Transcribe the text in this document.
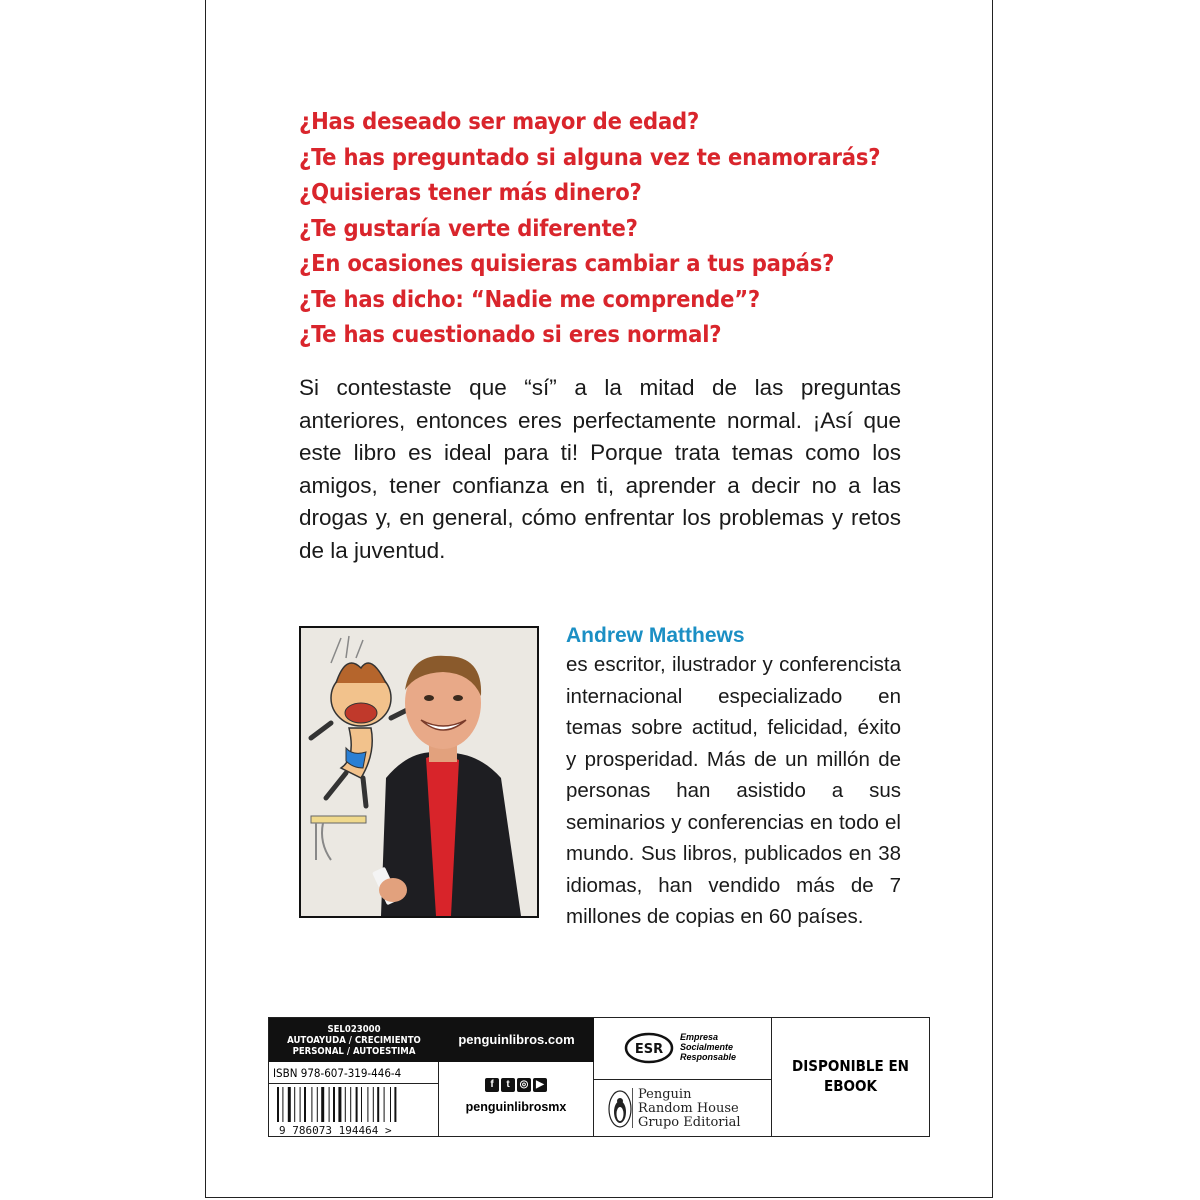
¿Has deseado ser mayor de edad?
¿Te has preguntado si alguna vez te enamorarás?
¿Quisieras tener más dinero?
¿Te gustaría verte diferente?
¿En ocasiones quisieras cambiar a tus papás?
¿Te has dicho: “Nadie me comprende”?
¿Te has cuestionado si eres normal?

Si contestaste que “sí” a la mitad de las preguntas anteriores, entonces eres perfectamente normal. ¡Así que este libro es ideal para ti! Porque trata temas como los amigos, tener confianza en ti, aprender a decir no a las drogas y, en general, cómo enfrentar los problemas y retos de la juventud.

Andrew Matthews

es escritor, ilustrador y conferencista internacional especializado en temas sobre actitud, felicidad, éxito y prosperidad. Más de un millón de personas han asistido a sus seminarios y conferencias en todo el mundo. Sus libros, publicados en 38 idiomas, han vendido más de 7 millones de copias en 60 países.

SEL023000
AUTOAYUDA / CRECIMIENTO
PERSONAL / AUTOESTIMA
ISBN 978-607-319-446-4
9 786073 194464 >
penguinlibros.com
f	t ◎ ▶
penguinlibrosmx
ESR
Empresa
Socialmente
Responsable
Penguin
Random House
Grupo Editorial
DISPONIBLE EN
EBOOK
